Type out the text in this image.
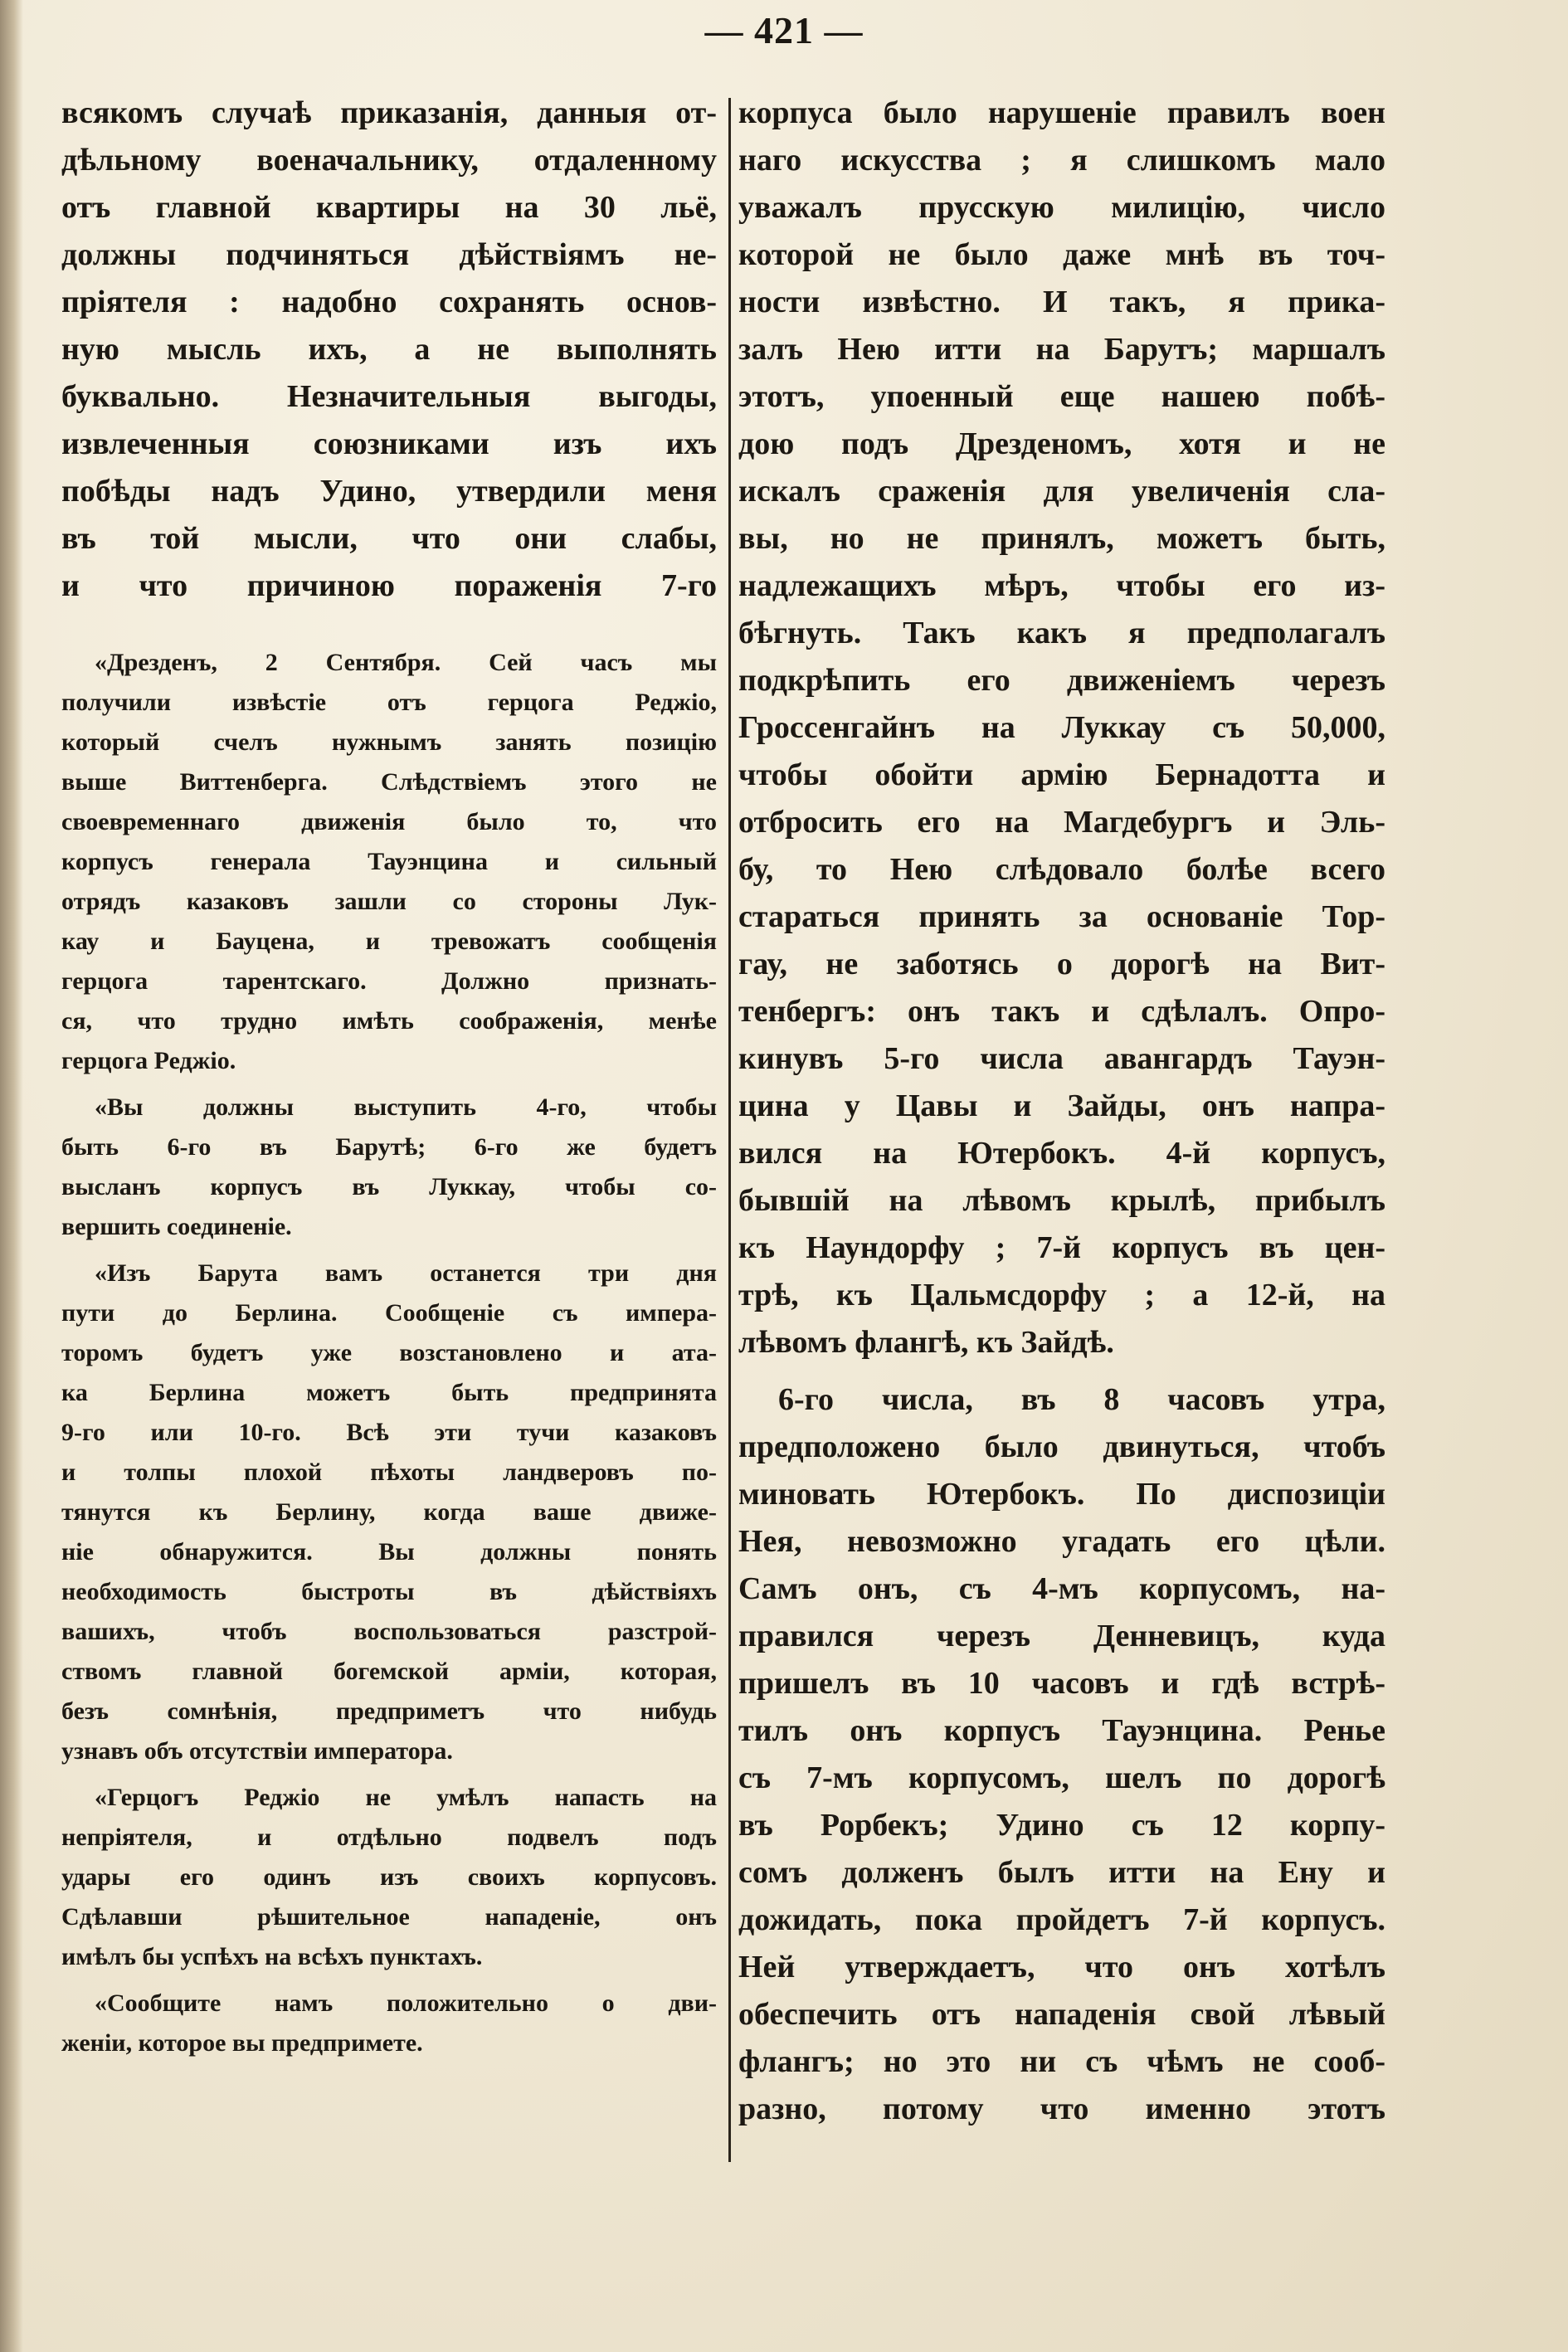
— 421 —
всякомъ случаѣ приказанія, данныя от-
дѣльному военачальнику, отдаленному
отъ главной квартиры на 30 льё,
должны подчиняться дѣйствіямъ не-
пріятеля : надобно сохранять основ-
ную мысль ихъ, а не выполнять
буквально. Незначительныя выгоды,
извлеченныя союзниками изъ ихъ
побѣды надъ Удино, утвердили меня
въ той мысли, что они слабы,
и что причиною пораженія 7-го
«Дрезденъ, 2 Сентября. Сей часъ мы
получили извѣстіе отъ герцога Реджіо,
который счелъ нужнымъ занять позицію
выше Виттенберга. Слѣдствіемъ этого не
своевременнаго движенія было то, что
корпусъ генерала Тауэнцина и сильный
отрядъ казаковъ зашли со стороны Лук-
кау и Бауцена, и тревожатъ сообщенія
герцога тарентскаго. Должно признать-
ся, что трудно имѣть соображенія, менѣе
герцога Реджіо.
«Вы должны выступить 4-го, чтобы
быть 6-го въ Барутѣ; 6-го же будетъ
высланъ корпусъ въ Луккау, чтобы со-
вершить соединеніе.
«Изъ Барута вамъ останется три дня
пути до Берлина. Сообщеніе съ импера-
торомъ будетъ уже возстановлено и ата-
ка Берлина можетъ быть предпринята
9-го или 10-го. Всѣ эти тучи казаковъ
и толпы плохой пѣхоты ландверовъ по-
тянутся къ Берлину, когда ваше движе-
ніе обнаружится. Вы должны понять
необходимость быстроты въ дѣйствіяхъ
вашихъ, чтобъ воспользоваться разстрой-
ствомъ главной богемской арміи, которая,
безъ сомнѣнія, предприметъ что нибудь
узнавъ объ отсутствіи императора.
«Герцогъ Реджіо не умѣлъ напасть на
непріятеля, и отдѣльно подвелъ подъ
удары его одинъ изъ своихъ корпусовъ.
Сдѣлавши рѣшительное нападеніе, онъ
имѣлъ бы успѣхъ на всѣхъ пунктахъ.
«Сообщите намъ положительно о дви-
женіи, которое вы предпримете.
корпуса было нарушеніе правилъ воен
наго искусства ; я слишкомъ мало
уважалъ прусскую милицію, число
которой не было даже мнѣ въ точ-
ности извѣстно. И такъ, я прика-
залъ Нею итти на Барутъ; маршалъ
этотъ, упоенный еще нашею побѣ-
дою подъ Дрезденомъ, хотя и не
искалъ сраженія для увеличенія сла-
вы, но не принялъ, можетъ быть,
надлежащихъ мѣръ, чтобы его из-
бѣгнуть. Такъ какъ я предполагалъ
подкрѣпить его движеніемъ черезъ
Гроссенгайнъ на Луккау съ 50,000,
чтобы обойти армію Бернадотта и
отбросить его на Магдебургъ и Эль-
бу, то Нею слѣдовало болѣе всего
стараться принять за основаніе Тор-
гау, не заботясь о дорогѣ на Вит-
тенбергъ: онъ такъ и сдѣлалъ. Опро-
кинувъ 5-го числа авангардъ Тауэн-
цина у Цавы и Зайды, онъ напра-
вился на Ютербокъ. 4-й корпусъ,
бывшій на лѣвомъ крылѣ, прибылъ
къ Наундорфу ; 7-й корпусъ въ цен-
трѣ, къ Цальмсдорфу ; а 12-й, на
лѣвомъ флангѣ, къ Зайдѣ.
6-го числа, въ 8 часовъ утра,
предположено было двинуться, чтобъ
миновать Ютербокъ. По диспозиціи
Нея, невозможно угадать его цѣли.
Самъ онъ, съ 4-мъ корпусомъ, на-
правился черезъ Денневицъ, куда
пришелъ въ 10 часовъ и гдѣ встрѣ-
тилъ онъ корпусъ Тауэнцина. Ренье
съ 7-мъ корпусомъ, шелъ по дорогѣ
въ Рорбекъ; Удино съ 12 корпу-
сомъ долженъ былъ итти на Ену и
дожидать, пока пройдетъ 7-й корпусъ.
Ней утверждаетъ, что онъ хотѣлъ
обеспечить отъ нападенія свой лѣвый
флангъ; но это ни съ чѣмъ не сооб-
разно, потому что именно этотъ
